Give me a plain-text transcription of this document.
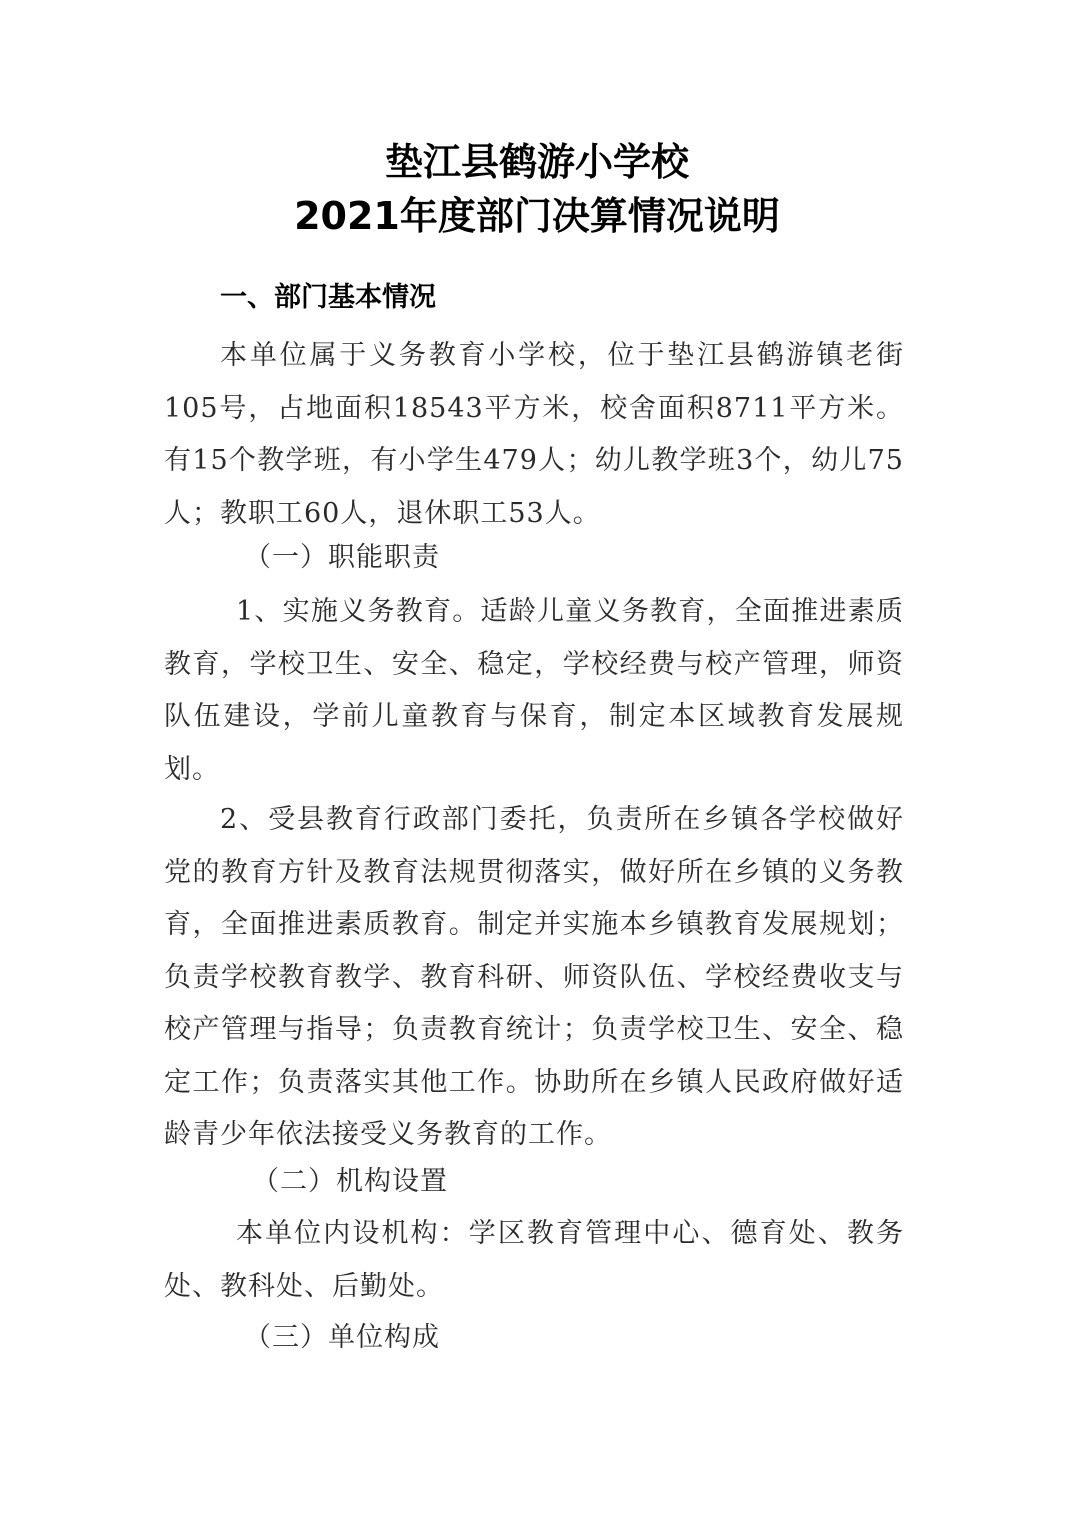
垫江县鹤游小学校
2021年度部门决算情况说明
一、部门基本情况
本单位属于义务教育小学校，位于垫江县鹤游镇老街105号，占地面积18543平方米，校舍面积8711平方米。有15个教学班，有小学生479人；幼儿教学班3个，幼儿75人；教职工60人，退休职工53人。
（一）职能职责
1、实施义务教育。适龄儿童义务教育，全面推进素质教育，学校卫生、安全、稳定，学校经费与校产管理，师资队伍建设，学前儿童教育与保育，制定本区域教育发展规划。
2、受县教育行政部门委托，负责所在乡镇各学校做好党的教育方针及教育法规贯彻落实，做好所在乡镇的义务教育，全面推进素质教育。制定并实施本乡镇教育发展规划；负责学校教育教学、教育科研、师资队伍、学校经费收支与校产管理与指导；负责教育统计；负责学校卫生、安全、稳定工作；负责落实其他工作。协助所在乡镇人民政府做好适龄青少年依法接受义务教育的工作。
（二）机构设置
本单位内设机构：学区教育管理中心、德育处、教务处、教科处、后勤处。
（三）单位构成
